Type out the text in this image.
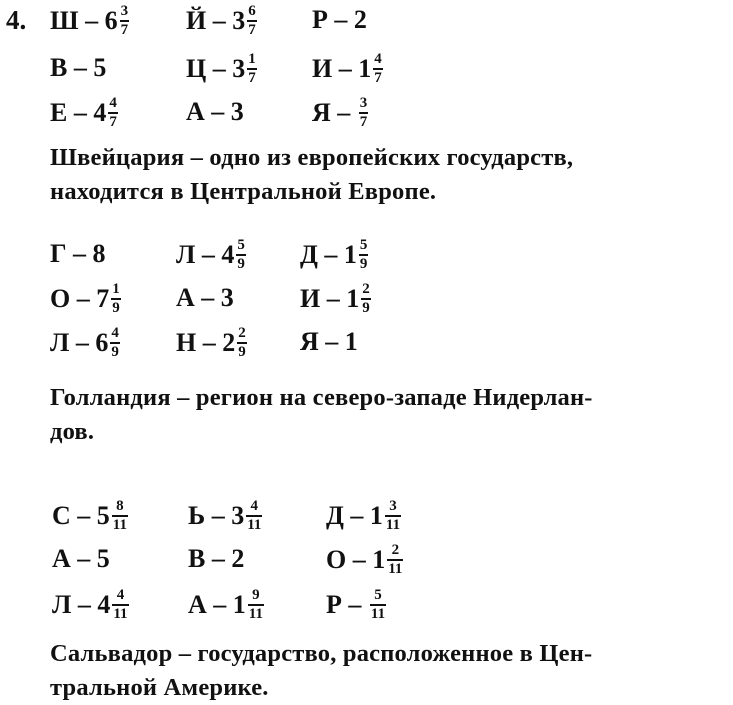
4. Ш – $6 \frac{3}{7}$ Й – $3 \frac{6}{7}$ Р – 2
В – 5	Ц – $3 \frac{1}{7}$ И – $1 \frac{4}{7}$
Е – $4 \frac{4}{7}$	А – 3	Я – $\frac{3}{7}$
Швейцария – одно из европейских государств,
находится в Центральной Европе.
Г – 8	Л – $4 \frac{5}{9}$ Д – $1 \frac{5}{9}$
О – $7 \frac{1}{9}$ А – 3	И – $1 \frac{2}{9}$
Л – $6 \frac{4}{9}$ Н – $2 \frac{2}{9}$ Я – 1
Голландия – регион на северо-западе Нидерлан-
дов.
С – $5 \frac{8}{11}$ Ь – $3 \frac{4}{11}$ Д – $1 \frac{3}{11}$
А – 5	В – 2	О – $1 \frac{2}{11}$
Л – $4 \frac{4}{11}$ А – $1 \frac{9}{11}$ Р – $\frac{5}{11}$
Сальвадор – государство, расположенное в Цен-
тральной Америке.
